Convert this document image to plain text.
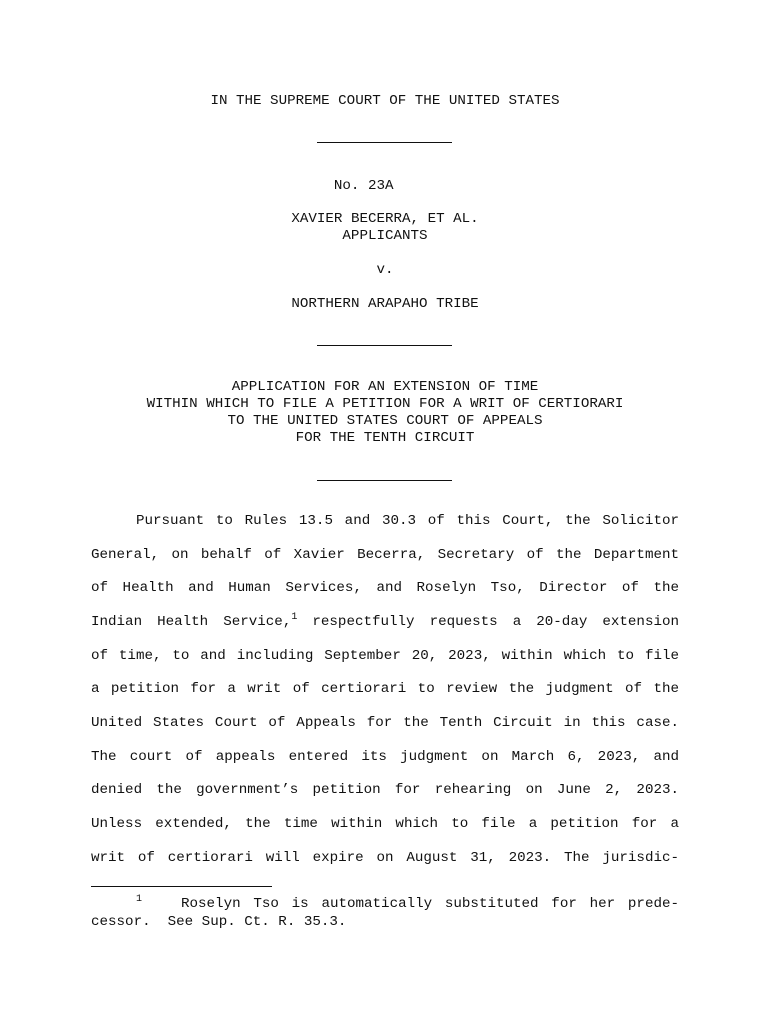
IN THE SUPREME COURT OF THE UNITED STATES
No. 23A
XAVIER BECERRA, ET AL.
APPLICANTS
v.
NORTHERN ARAPAHO TRIBE
APPLICATION FOR AN EXTENSION OF TIME
WITHIN WHICH TO FILE A PETITION FOR A WRIT OF CERTIORARI
TO THE UNITED STATES COURT OF APPEALS
FOR THE TENTH CIRCUIT
Pursuant to Rules 13.5 and 30.3 of this Court, the Solicitor
General, on behalf of Xavier Becerra, Secretary of the Department
of Health and Human Services, and Roselyn Tso, Director of the
Indian Health Service,$^1$ respectfully requests a 20-day extension
of time, to and including September 20, 2023, within which to file
a petition for a writ of certiorari to review the judgment of the
United States Court of Appeals for the Tenth Circuit in this case.
The court of appeals entered its judgment on March 6, 2023, and
denied the government’s petition for rehearing on June 2, 2023.
Unless extended, the time within which to file a petition for a
writ of certiorari will expire on August 31, 2023. The jurisdic-
$^1$	Roselyn Tso is automatically substituted for her prede-
cessor.  See Sup. Ct. R. 35.3.
